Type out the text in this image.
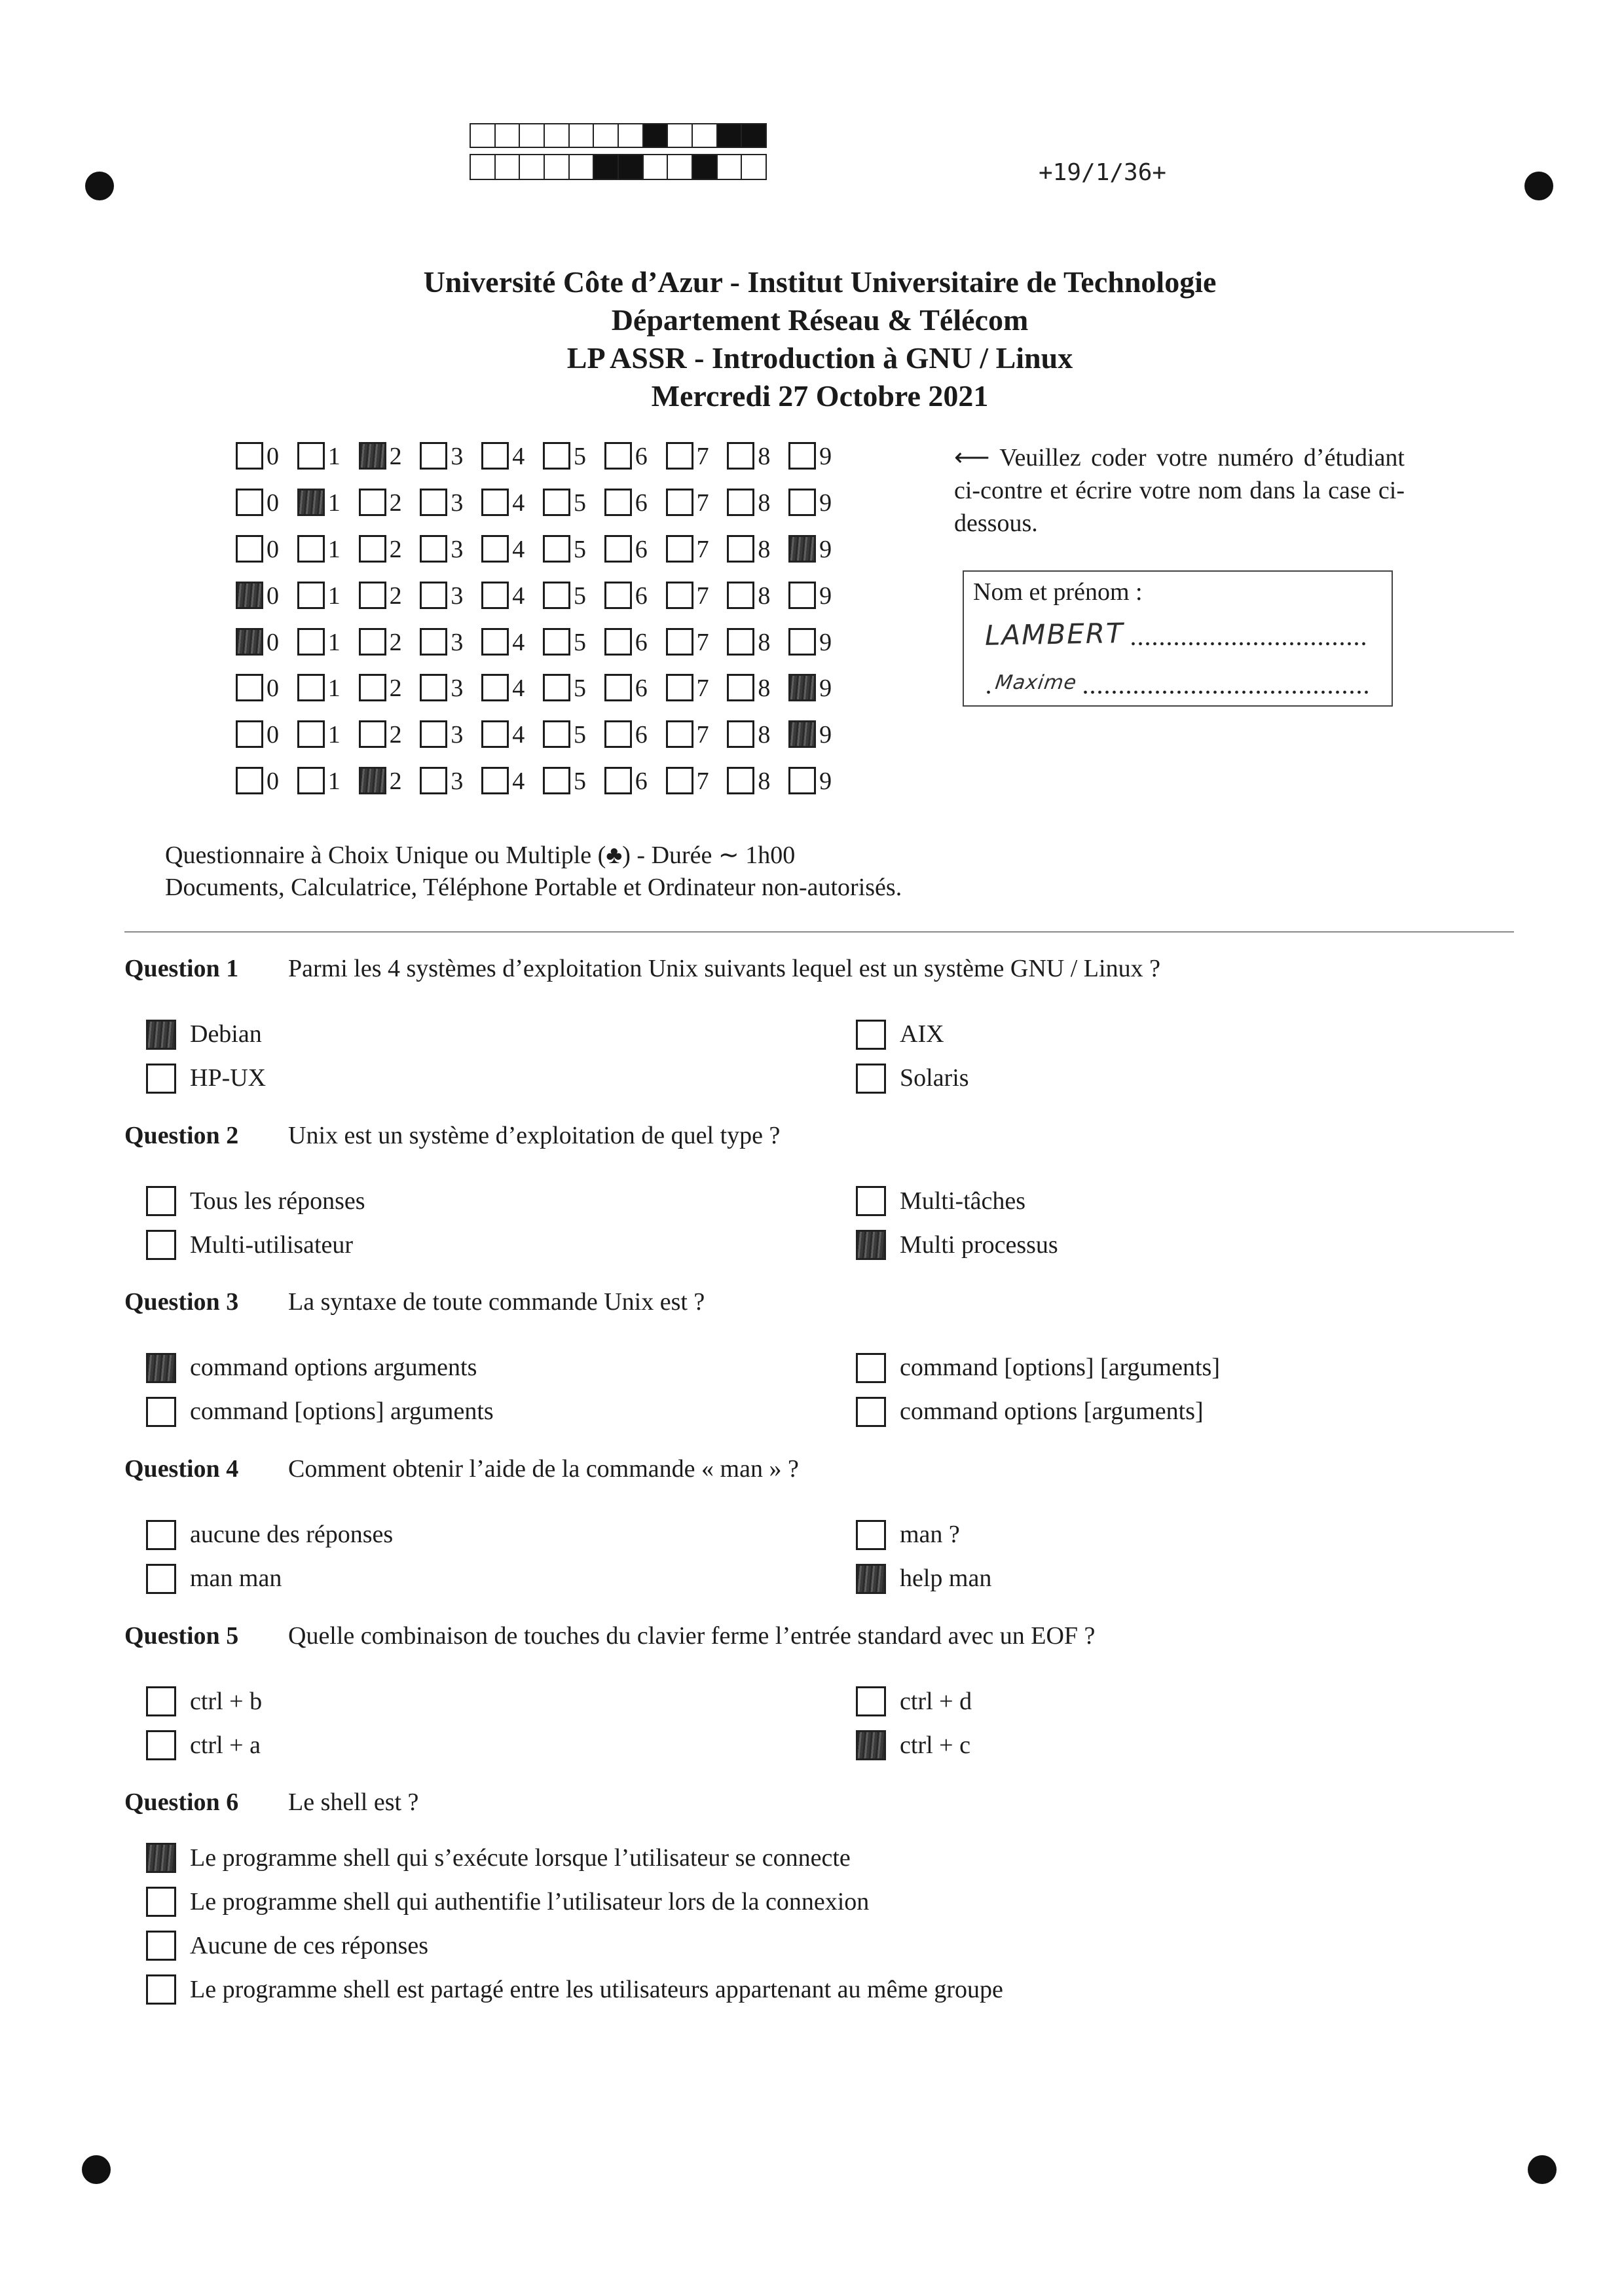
+19/1/36+
Université Côte d’Azur - Institut Universitaire de Technologie
Département Réseau & Télécom
LP ASSR - Introduction à GNU / Linux
Mercredi 27 Octobre 2021
0 1 2 3 4 5 6 7 8 9
0 1 2 3 4 5 6 7 8 9
0 1 2 3 4 5 6 7 8 9
0 1 2 3 4 5 6 7 8 9
0 1 2 3 4 5 6 7 8 9
0 1 2 3 4 5 6 7 8 9
0 1 2 3 4 5 6 7 8 9
0 1 2 3 4 5 6 7 8 9
⟵ Veuillez coder votre numéro d’étudiant ci-contre et écrire votre nom dans la case ci-dessous.
Nom et prénom :
LAMBERT
Maxime
Questionnaire à Choix Unique ou Multiple (♣) - Durée ∼ 1h00
Documents, Calculatrice, Téléphone Portable et Ordinateur non-autorisés.
Question 1	Parmi les 4 systèmes d’exploitation Unix suivants lequel est un système GNU / Linux ?
Debian	AIX
HP-UX	Solaris
Question 2	Unix est un système d’exploitation de quel type ?
Tous les réponses	Multi-tâches
Multi-utilisateur	Multi processus
Question 3	La syntaxe de toute commande Unix est ?
command options arguments	command [options] [arguments]
command [options] arguments	command options [arguments]
Question 4	Comment obtenir l’aide de la commande « man » ?
aucune des réponses	man ?
man man	help man
Question 5	Quelle combinaison de touches du clavier ferme l’entrée standard avec un EOF ?
ctrl + b	ctrl + d
ctrl + a	ctrl + c
Question 6	Le shell est ?
Le programme shell qui s’exécute lorsque l’utilisateur se connecte
Le programme shell qui authentifie l’utilisateur lors de la connexion
Aucune de ces réponses
Le programme shell est partagé entre les utilisateurs appartenant au même groupe
